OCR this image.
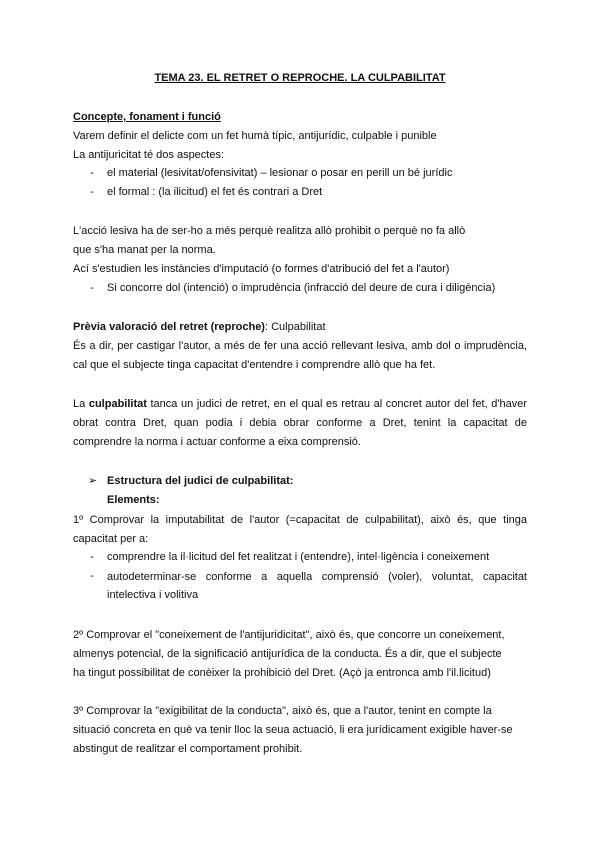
TEMA 23. EL RETRET O REPROCHE. LA CULPABILITAT
Concepte, fonament i funció
Varem definir el delicte com un fet humà típic, antijurídic, culpable i punible
La antijuricitat té dos aspectes:
- el material (lesivitat/ofensivitat) – lesionar o posar en perill un bé jurídic
- el formal : (la ilicitud) el fet és contrari a Dret
L'acció lesiva ha de ser-ho a més perquè realitza allò prohibit o perquè no fa allò
que s'ha manat per la norma.
Ací s'estudien les instàncies d'imputació (o formes d'atribució del fet a l'autor)
- Si concorre dol (intenció) o imprudència (infracció del deure de cura i diligència)
Prèvia valoració del retret (reproche): Culpabilitat
És a dir, per castigar l'autor, a més de fer una acció rellevant lesiva, amb dol o imprudència,
cal que el subjecte tinga capacitat d'entendre i comprendre allò que ha fet.
La culpabilitat tanca un judici de retret, en el qual es retrau al concret autor del fet, d'haver
obrat contra Dret, quan podia i debia obrar conforme a Dret, tenint la capacitat de
comprendre la norma i actuar conforme a eixa comprensió.
➢ Estructura del judici de culpabilitat:
Elements:
1º Comprovar la imputabilitat de l'autor (=capacitat de culpabilitat), això és, que tinga
capacitat per a:
- comprendre la il·licitud del fet realitzat i (entendre), intel·ligència i coneixement
- autodeterminar-se conforme a aquella comprensió (voler), voluntat, capacitat
intelectiva i volitiva
2º Comprovar el "coneixement de l'antijuridicitat", això és, que concorre un coneixement,
almenys potencial, de la significació antijurídica de la conducta. És a dir, que el subjecte
ha tingut possibilitat de conèixer la prohibició del Dret. (Açò ja entronca amb l'il.licitud)
3º Comprovar la "exigibilitat de la conducta", això és, que a l'autor, tenint en compte la
situació concreta en què va tenir lloc la seua actuació, li era jurídicament exigible haver-se
abstingut de realitzar el comportament prohibit.
